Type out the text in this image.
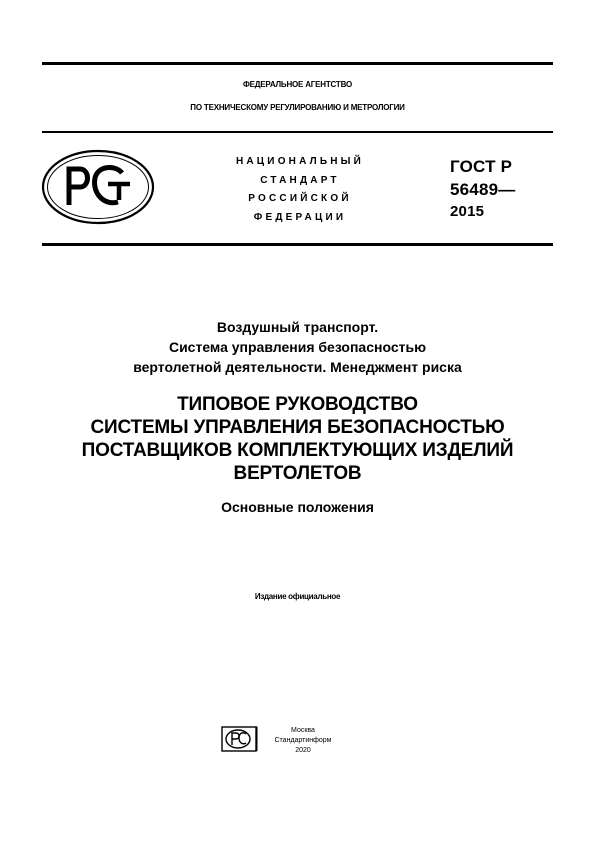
ФЕДЕРАЛЬНОЕ АГЕНТСТВО
ПО ТЕХНИЧЕСКОМУ РЕГУЛИРОВАНИЮ И МЕТРОЛОГИИ
НАЦИОНАЛЬНЫЙ
СТАНДАРТ
РОССИЙСКОЙ
ФЕДЕРАЦИИ
ГОСТ Р
56489—
2015
Воздушный транспорт.
Система управления безопасностью
вертолетной деятельности. Менеджмент риска
ТИПОВОЕ РУКОВОДСТВО
СИСТЕМЫ УПРАВЛЕНИЯ БЕЗОПАСНОСТЬЮ
ПОСТАВЩИКОВ КОМПЛЕКТУЮЩИХ ИЗДЕЛИЙ
ВЕРТОЛЕТОВ
Основные положения
Издание официальное
Москва
Стандартинформ
2020
